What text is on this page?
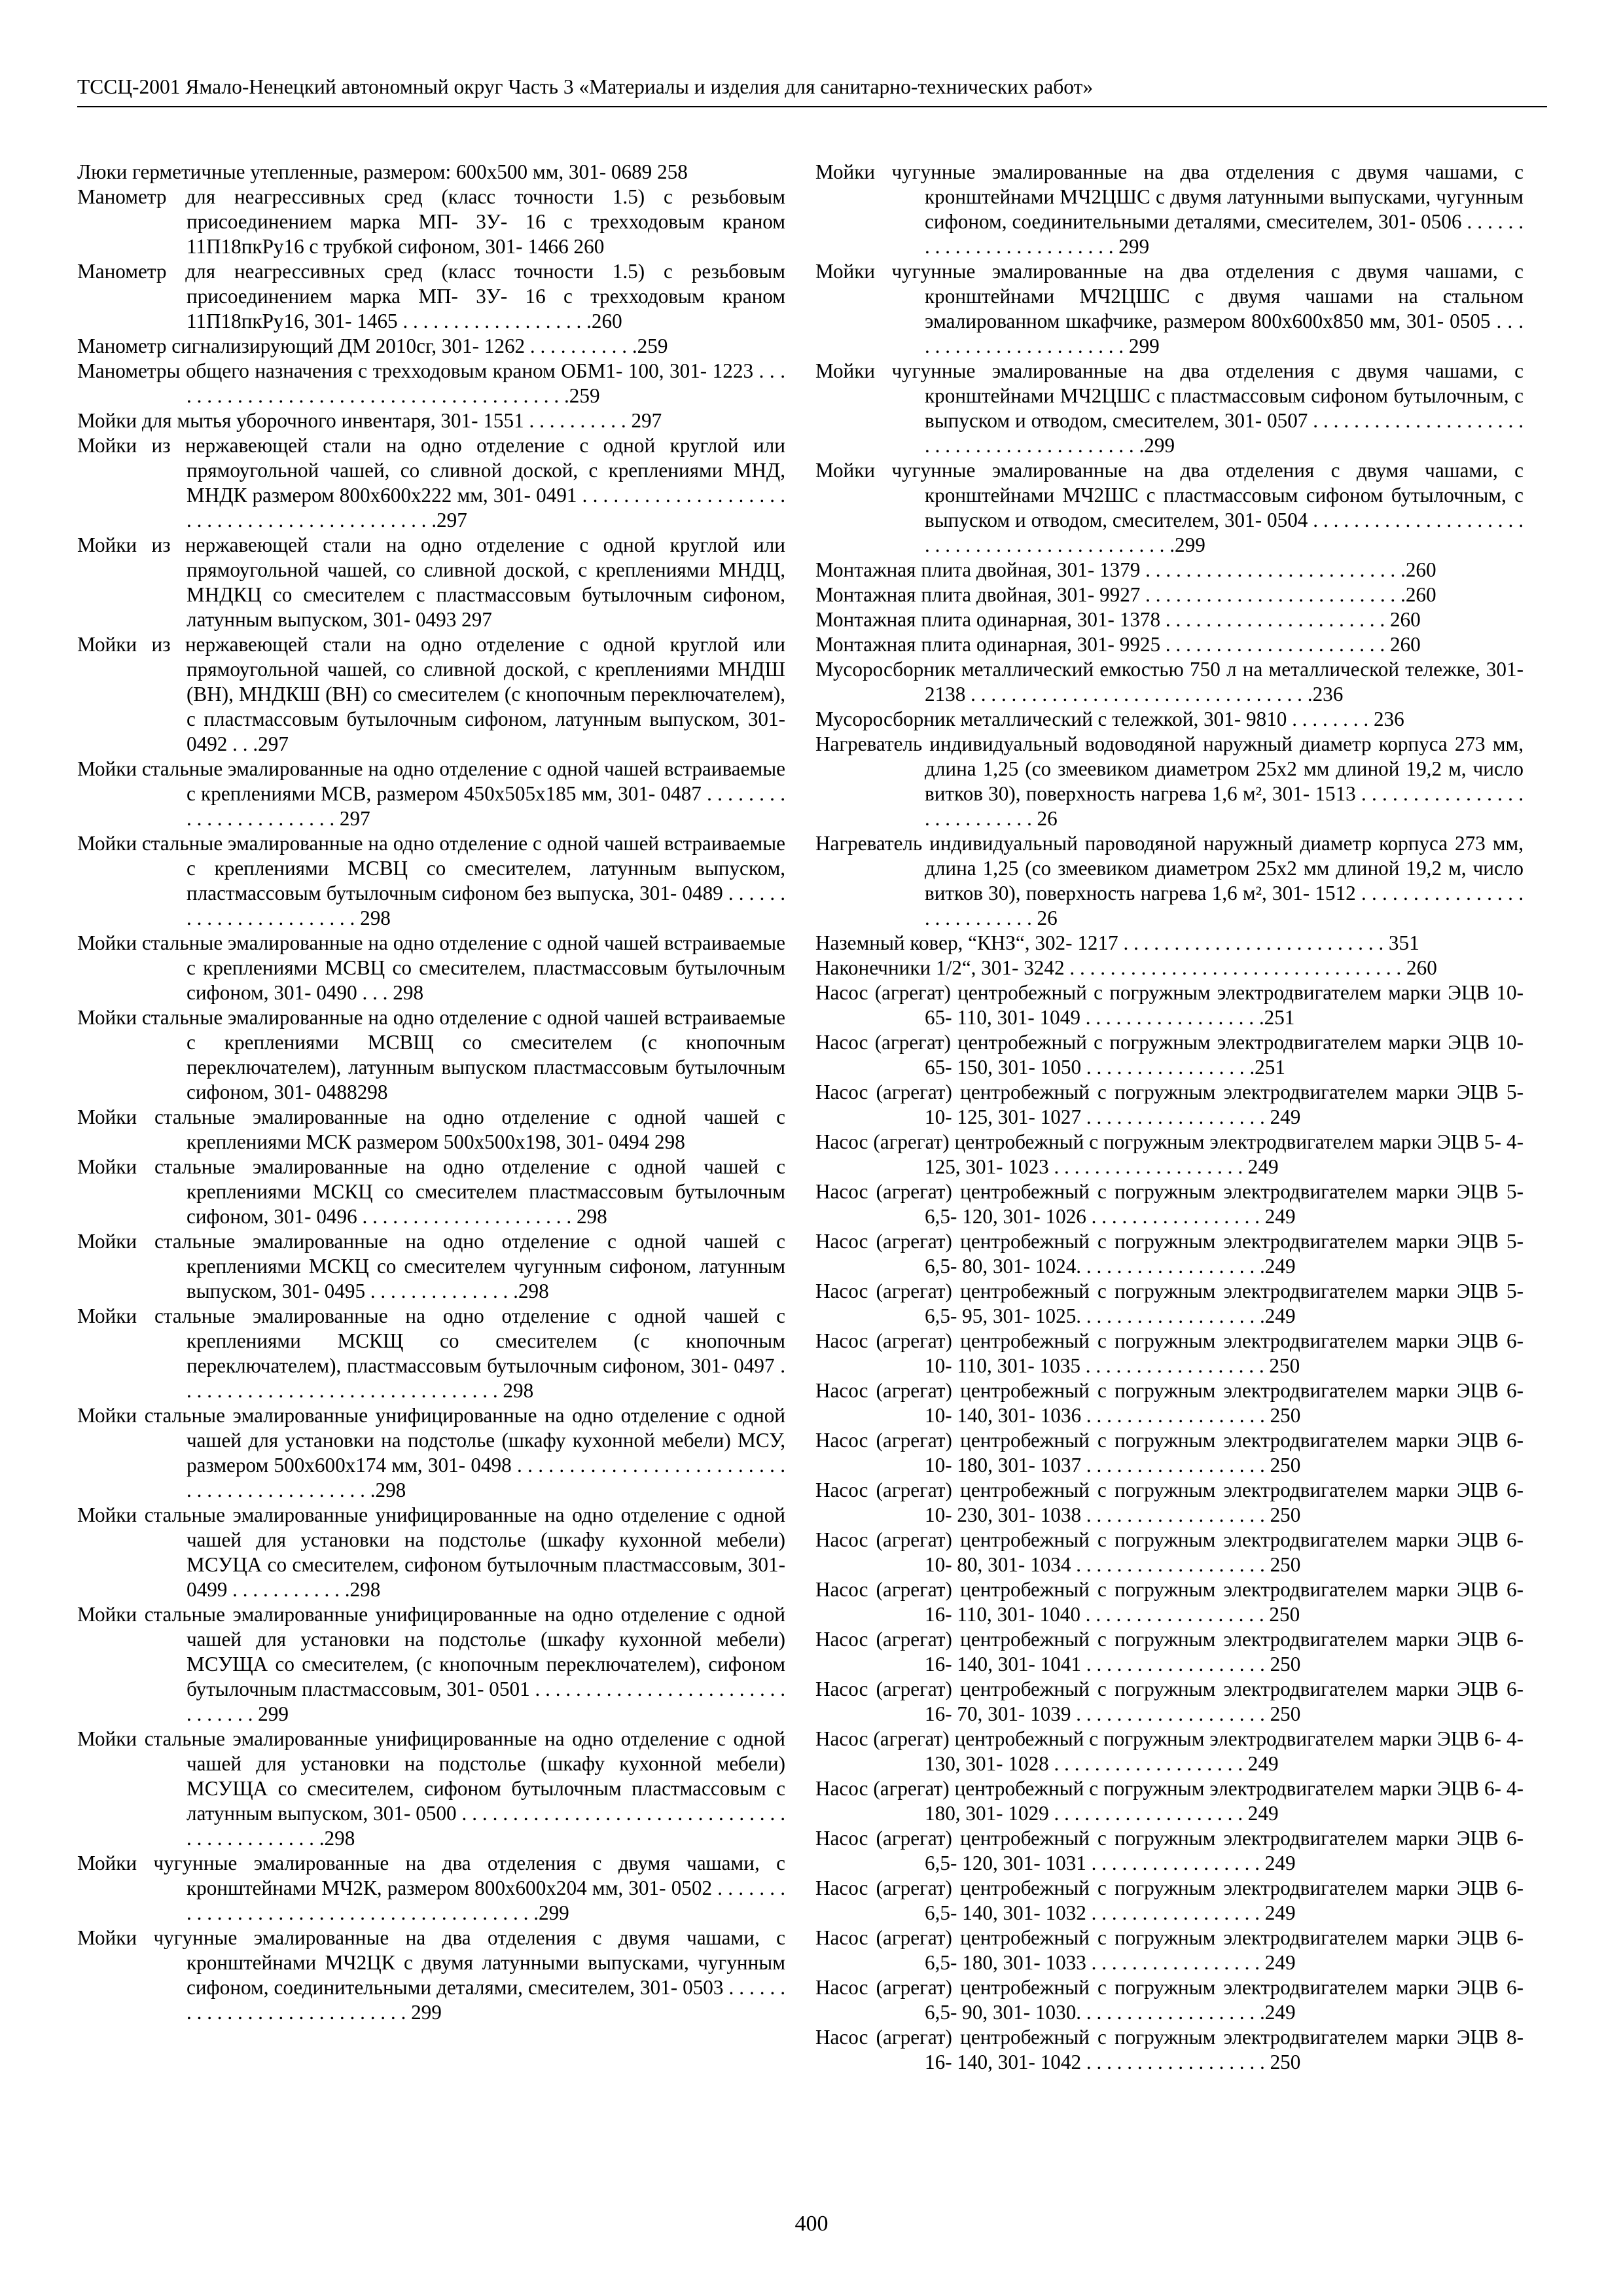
ТССЦ-2001 Ямало-Ненецкий автономный округ Часть 3 «Материалы и изделия для санитарно-технических работ»

Люки герметичные утепленные, размером: 600х500 мм, 301- 0689 258

Манометр для неагрессивных сред (класс точности 1.5) с резьбовым присоединением марка МП- 3У- 16 с трехходовым краном 11П18пкРу16 с трубкой сифоном, 301- 1466 260

Манометр для неагрессивных сред (класс точности 1.5) с резьбовым присоединением марка МП- 3У- 16 с трехходовым краном 11П18пкРу16, 301- 1465 . . . . . . . . . . . . . . . . . . .260

Манометр сигнализирующий ДМ 2010сг, 301- 1262 . . . . . . . . . . .259

Манометры общего назначения с трехходовым краном ОБМ1- 100, 301- 1223 . . . . . . . . . . . . . . . . . . . . . . . . . . . . . . . . . . . . . . . . .259

Мойки для мытья уборочного инвентаря, 301- 1551 . . . . . . . . . . 297

Мойки из нержавеющей стали на одно отделение с одной круглой или прямоугольной чашей, со сливной доской, с креплениями МНД, МНДК размером 800х600х222 мм, 301- 0491 . . . . . . . . . . . . . . . . . . . . . . . . . . . . . . . . . . . . . . . . . . . . .297

Мойки из нержавеющей стали на одно отделение с одной круглой или прямоугольной чашей, со сливной доской, с креплениями МНДЦ, МНДКЦ со смесителем с пластмассовым бутылочным сифоном, латунным выпуском, 301- 0493 297

Мойки из нержавеющей стали на одно отделение с одной круглой или прямоугольной чашей, со сливной доской, с креплениями МНДШ (ВН), МНДКШ (ВН) со смесителем (с кнопочным переключателем), с пластмассовым бутылочным сифоном, латунным выпуском, 301- 0492 . . .297

Мойки стальные эмалированные на одно отделение с одной чашей встраиваемые с креплениями МСВ, размером 450х505х185 мм, 301- 0487 . . . . . . . . . . . . . . . . . . . . . . . 297

Мойки стальные эмалированные на одно отделение с одной чашей встраиваемые с креплениями МСВЦ со смесителем, латунным выпуском, пластмассовым бутылочным сифоном без выпуска, 301- 0489 . . . . . . . . . . . . . . . . . . . . . . . 298

Мойки стальные эмалированные на одно отделение с одной чашей встраиваемые с креплениями МСВЦ со смесителем, пластмассовым бутылочным сифоном, 301- 0490 . . . 298

Мойки стальные эмалированные на одно отделение с одной чашей встраиваемые с креплениями МСВЩ со смесителем (с кнопочным переключателем), латунным выпуском пластмассовым бутылочным сифоном, 301- 0488298

Мойки стальные эмалированные на одно отделение с одной чашей с креплениями МСК размером 500х500х198, 301- 0494 298

Мойки стальные эмалированные на одно отделение с одной чашей с креплениями МСКЦ со смесителем пластмассовым бутылочным сифоном, 301- 0496 . . . . . . . . . . . . . . . . . . . . . 298

Мойки стальные эмалированные на одно отделение с одной чашей с креплениями МСКЦ со смесителем чугунным сифоном, латунным выпуском, 301- 0495 . . . . . . . . . . . . . . .298

Мойки стальные эмалированные на одно отделение с одной чашей с креплениями МСКЩ со смесителем (с кнопочным переключателем), пластмассовым бутылочным сифоном, 301- 0497 . . . . . . . . . . . . . . . . . . . . . . . . . . . . . . . . 298

Мойки стальные эмалированные унифицированные на одно отделение с одной чашей для установки на подстолье (шкафу кухонной мебели) МСУ, размером 500х600х174 мм, 301- 0498 . . . . . . . . . . . . . . . . . . . . . . . . . . . . . . . . . . . . . . . . . . . . .298

Мойки стальные эмалированные унифицированные на одно отделение с одной чашей для установки на подстолье (шкафу кухонной мебели) МСУЦА со смесителем, сифоном бутылочным пластмассовым, 301- 0499 . . . . . . . . . . . .298

Мойки стальные эмалированные унифицированные на одно отделение с одной чашей для установки на подстолье (шкафу кухонной мебели) МСУЩА со смесителем, (с кнопочным переключателем), сифоном бутылочным пластмассовым, 301- 0501 . . . . . . . . . . . . . . . . . . . . . . . . . . . . . . . . 299

Мойки стальные эмалированные унифицированные на одно отделение с одной чашей для установки на подстолье (шкафу кухонной мебели) МСУЩА со смесителем, сифоном бутылочным пластмассовым с латунным выпуском, 301- 0500 . . . . . . . . . . . . . . . . . . . . . . . . . . . . . . . . . . . . . . . . . . . . . .298

Мойки чугунные эмалированные на два отделения с двумя чашами, с кронштейнами МЧ2К, размером 800х600х204 мм, 301- 0502 . . . . . . . . . . . . . . . . . . . . . . . . . . . . . . . . . . . . . . . . . .299

Мойки чугунные эмалированные на два отделения с двумя чашами, с кронштейнами МЧ2ЦК с двумя латунными выпусками, чугунным сифоном, соединительными деталями, смесителем, 301- 0503 . . . . . . . . . . . . . . . . . . . . . . . . . . . . 299

Мойки чугунные эмалированные на два отделения с двумя чашами, с кронштейнами МЧ2ЦШС с двумя латунными выпусками, чугунным сифоном, соединительными деталями, смесителем, 301- 0506 . . . . . . . . . . . . . . . . . . . . . . . . . 299

Мойки чугунные эмалированные на два отделения с двумя чашами, с кронштейнами МЧ2ЦШС с двумя чашами на стальном эмалированном шкафчике, размером 800х600х850 мм, 301- 0505 . . . . . . . . . . . . . . . . . . . . . . . 299

Мойки чугунные эмалированные на два отделения с двумя чашами, с кронштейнами МЧ2ЦШС с пластмассовым сифоном бутылочным, с выпуском и отводом, смесителем, 301- 0507 . . . . . . . . . . . . . . . . . . . . . . . . . . . . . . . . . . . . . . . . . . .299

Мойки чугунные эмалированные на два отделения с двумя чашами, с кронштейнами МЧ2ШС с пластмассовым сифоном бутылочным, с выпуском и отводом, смесителем, 301- 0504 . . . . . . . . . . . . . . . . . . . . . . . . . . . . . . . . . . . . . . . . . . . . . .299

Монтажная плита двойная, 301- 1379 . . . . . . . . . . . . . . . . . . . . . . . . . .260

Монтажная плита двойная, 301- 9927 . . . . . . . . . . . . . . . . . . . . . . . . . .260

Монтажная плита одинарная, 301- 1378 . . . . . . . . . . . . . . . . . . . . . . 260

Монтажная плита одинарная, 301- 9925 . . . . . . . . . . . . . . . . . . . . . . 260

Мусоросборник металлический емкостью 750 л на металлической тележке, 301- 2138 . . . . . . . . . . . . . . . . . . . . . . . . . . . . . . . . . .236

Мусоросборник металлический с тележкой, 301- 9810 . . . . . . . . 236

Нагреватель индивидуальный водоводяной наружный диаметр корпуса 273 мм, длина 1,25 (со змеевиком диаметром 25х2 мм длиной 19,2 м, число витков 30), поверхность нагрева 1,6 м², 301- 1513 . . . . . . . . . . . . . . . . . . . . . . . . . . . 26

Нагреватель индивидуальный пароводяной наружный диаметр корпуса 273 мм, длина 1,25 (со змеевиком диаметром 25х2 мм длиной 19,2 м, число витков 30), поверхность нагрева 1,6 м², 301- 1512 . . . . . . . . . . . . . . . . . . . . . . . . . . . 26

Наземный ковер, “КНЗ“, 302- 1217 . . . . . . . . . . . . . . . . . . . . . . . . . . 351

Наконечники 1/2“, 301- 3242 . . . . . . . . . . . . . . . . . . . . . . . . . . . . . . . . . 260

Насос (агрегат) центробежный с погружным электродвигателем марки ЭЦВ 10- 65- 110, 301- 1049 . . . . . . . . . . . . . . . . . .251

Насос (агрегат) центробежный с погружным электродвигателем марки ЭЦВ 10- 65- 150, 301- 1050 . . . . . . . . . . . . . . . . .251

Насос (агрегат) центробежный с погружным электродвигателем марки ЭЦВ 5- 10- 125, 301- 1027 . . . . . . . . . . . . . . . . . . 249

Насос (агрегат) центробежный с погружным электродвигателем марки ЭЦВ 5- 4- 125, 301- 1023 . . . . . . . . . . . . . . . . . . . 249

Насос (агрегат) центробежный с погружным электродвигателем марки ЭЦВ 5- 6,5- 120, 301- 1026 . . . . . . . . . . . . . . . . . 249

Насос (агрегат) центробежный с погружным электродвигателем марки ЭЦВ 5- 6,5- 80, 301- 1024. . . . . . . . . . . . . . . . . . .249

Насос (агрегат) центробежный с погружным электродвигателем марки ЭЦВ 5- 6,5- 95, 301- 1025. . . . . . . . . . . . . . . . . . .249

Насос (агрегат) центробежный с погружным электродвигателем марки ЭЦВ 6- 10- 110, 301- 1035 . . . . . . . . . . . . . . . . . . 250

Насос (агрегат) центробежный с погружным электродвигателем марки ЭЦВ 6- 10- 140, 301- 1036 . . . . . . . . . . . . . . . . . . 250

Насос (агрегат) центробежный с погружным электродвигателем марки ЭЦВ 6- 10- 180, 301- 1037 . . . . . . . . . . . . . . . . . . 250

Насос (агрегат) центробежный с погружным электродвигателем марки ЭЦВ 6- 10- 230, 301- 1038 . . . . . . . . . . . . . . . . . . 250

Насос (агрегат) центробежный с погружным электродвигателем марки ЭЦВ 6- 10- 80, 301- 1034 . . . . . . . . . . . . . . . . . . . 250

Насос (агрегат) центробежный с погружным электродвигателем марки ЭЦВ 6- 16- 110, 301- 1040 . . . . . . . . . . . . . . . . . . 250

Насос (агрегат) центробежный с погружным электродвигателем марки ЭЦВ 6- 16- 140, 301- 1041 . . . . . . . . . . . . . . . . . . 250

Насос (агрегат) центробежный с погружным электродвигателем марки ЭЦВ 6- 16- 70, 301- 1039 . . . . . . . . . . . . . . . . . . . 250

Насос (агрегат) центробежный с погружным электродвигателем марки ЭЦВ 6- 4- 130, 301- 1028 . . . . . . . . . . . . . . . . . . . 249

Насос (агрегат) центробежный с погружным электродвигателем марки ЭЦВ 6- 4- 180, 301- 1029 . . . . . . . . . . . . . . . . . . . 249

Насос (агрегат) центробежный с погружным электродвигателем марки ЭЦВ 6- 6,5- 120, 301- 1031 . . . . . . . . . . . . . . . . . 249

Насос (агрегат) центробежный с погружным электродвигателем марки ЭЦВ 6- 6,5- 140, 301- 1032 . . . . . . . . . . . . . . . . . 249

Насос (агрегат) центробежный с погружным электродвигателем марки ЭЦВ 6- 6,5- 180, 301- 1033 . . . . . . . . . . . . . . . . . 249

Насос (агрегат) центробежный с погружным электродвигателем марки ЭЦВ 6- 6,5- 90, 301- 1030. . . . . . . . . . . . . . . . . . .249

Насос (агрегат) центробежный с погружным электродвигателем марки ЭЦВ 8- 16- 140, 301- 1042 . . . . . . . . . . . . . . . . . . 250

400
